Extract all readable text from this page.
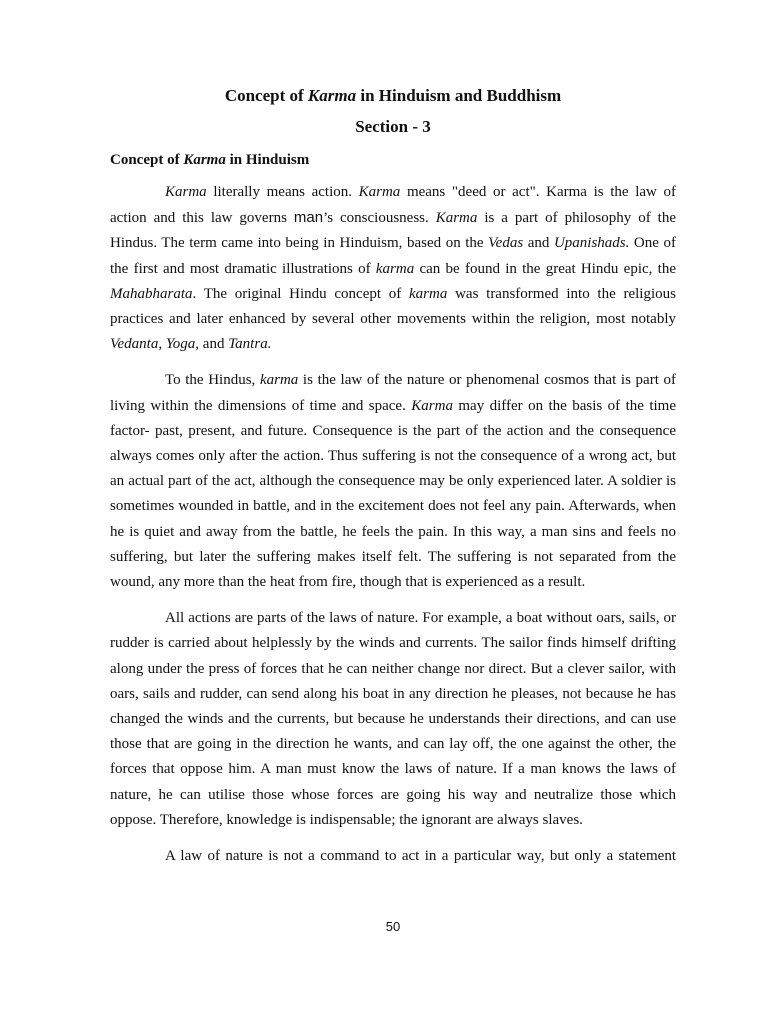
Concept of Karma in Hinduism and Buddhism
Section - 3
Concept of Karma in Hinduism

Karma literally means action. Karma means "deed or act". Karma is the law of action and this law governs man’s consciousness. Karma is a part of philosophy of the Hindus. The term came into being in Hinduism, based on the Vedas and Upanishads. One of the first and most dramatic illustrations of karma can be found in the great Hindu epic, the Mahabharata. The original Hindu concept of karma was transformed into the religious practices and later enhanced by several other movements within the religion, most notably Vedanta, Yoga, and Tantra.

To the Hindus, karma is the law of the nature or phenomenal cosmos that is part of living within the dimensions of time and space. Karma may differ on the basis of the time factor- past, present, and future. Consequence is the part of the action and the consequence always comes only after the action. Thus suffering is not the consequence of a wrong act, but an actual part of the act, although the consequence may be only experienced later. A soldier is sometimes wounded in battle, and in the excitement does not feel any pain. Afterwards, when he is quiet and away from the battle, he feels the pain. In this way, a man sins and feels no suffering, but later the suffering makes itself felt. The suffering is not separated from the wound, any more than the heat from fire, though that is experienced as a result.

All actions are parts of the laws of nature. For example, a boat without oars, sails, or rudder is carried about helplessly by the winds and currents. The sailor finds himself drifting along under the press of forces that he can neither change nor direct. But a clever sailor, with oars, sails and rudder, can send along his boat in any direction he pleases, not because he has changed the winds and the currents, but because he understands their directions, and can use those that are going in the direction he wants, and can lay off, the one against the other, the forces that oppose him. A man must know the laws of nature. If a man knows the laws of nature, he can utilise those whose forces are going his way and neutralize those which oppose. Therefore, knowledge is indispensable; the ignorant are always slaves.

A law of nature is not a command to act in a particular way, but only a statement

50
